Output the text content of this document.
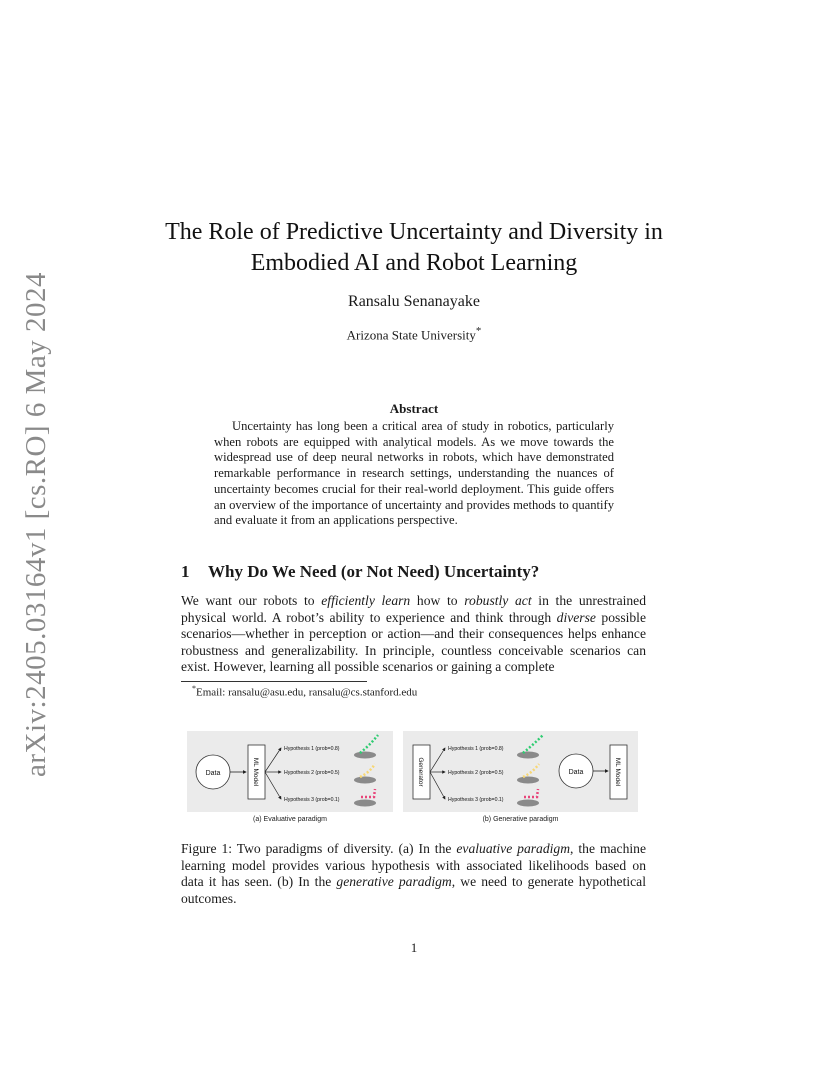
arXiv:2405.03164v1 [cs.RO] 6 May 2024
The Role of Predictive Uncertainty and Diversity in Embodied AI and Robot Learning
Ransalu Senanayake
Arizona State University*
Abstract
Uncertainty has long been a critical area of study in robotics, particularly when robots are equipped with analytical models. As we move towards the widespread use of deep neural networks in robots, which have demonstrated remarkable performance in research settings, understanding the nuances of uncertainty becomes crucial for their real-world deployment. This guide offers an overview of the importance of uncertainty and provides methods to quantify and evaluate it from an applications perspective.
1 Why Do We Need (or Not Need) Uncertainty?
We want our robots to efficiently learn how to robustly act in the unrestrained physical world. A robot’s ability to experience and think through diverse possible scenarios—whether in perception or action—and their consequences helps enhance robustness and generalizability. In principle, countless conceivable scenarios can exist. However, learning all possible scenarios or gaining a complete
*Email: ransalu@asu.edu, ransalu@cs.stanford.edu
Data	ML Model
Hypothesis 1 (prob=0.8)
Hypothesis 2 (prob=0.5)
Hypothesis 3 (prob=0.1)
(a) Evaluative paradigm
Generator
Hypothesis 1 (prob=0.8)
Hypothesis 2 (prob=0.5)
Hypothesis 3 (prob=0.1)
Data	ML Model
(b) Generative paradigm
Figure 1: Two paradigms of diversity. (a) In the evaluative paradigm, the machine learning model provides various hypothesis with associated likelihoods based on data it has seen. (b) In the generative paradigm, we need to generate hypothetical outcomes.
1
